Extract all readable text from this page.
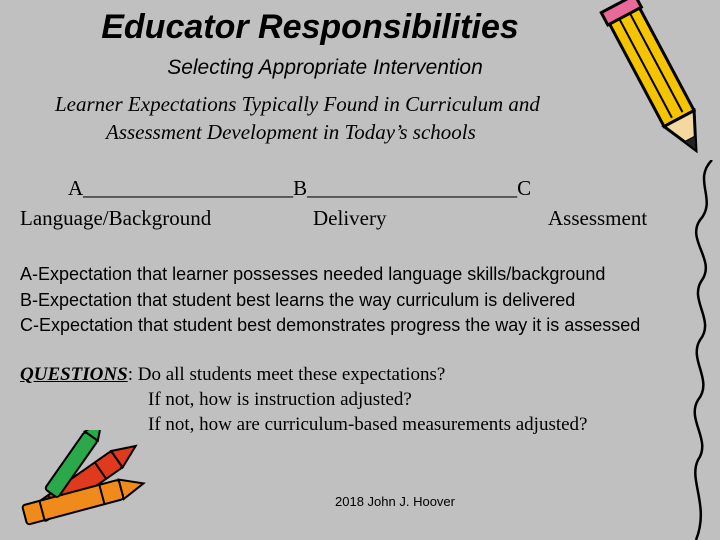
Educator Responsibilities
Selecting Appropriate Intervention
Learner Expectations Typically Found in Curriculum and
Assessment Development in Today’s schools
A____________________B____________________C
Language/Background	Delivery	Assessment
A-Expectation that learner possesses needed language skills/background
B-Expectation that student best learns the way curriculum is delivered
C-Expectation that student best demonstrates progress the way it is assessed
QUESTIONS: Do all students meet these expectations?
If not, how is instruction adjusted?
If not, how are curriculum-based measurements adjusted?
2018 John J. Hoover
